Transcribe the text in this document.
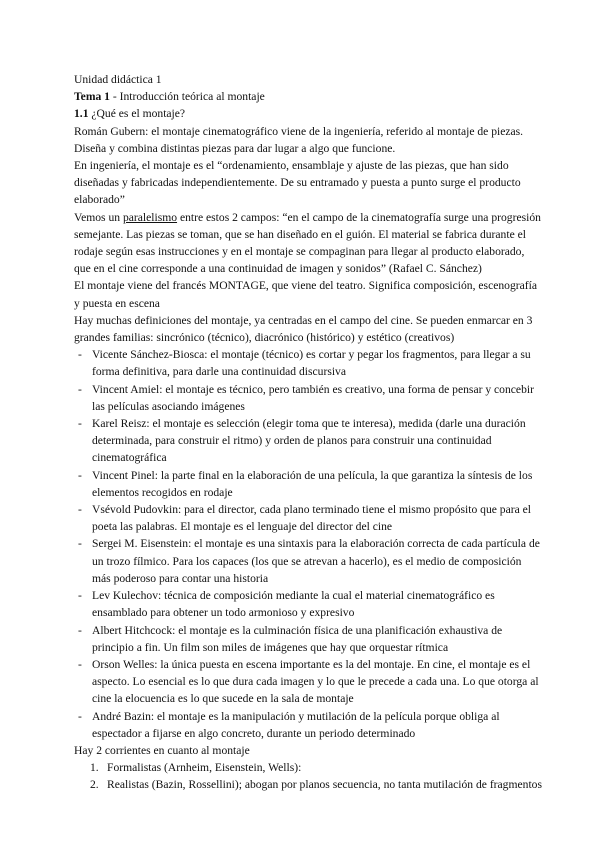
Unidad didáctica 1
Tema 1 - Introducción teórica al montaje
1.1 ¿Qué es el montaje?
Román Gubern: el montaje cinematográfico viene de la ingeniería, referido al montaje de piezas. Diseña y combina distintas piezas para dar lugar a algo que funcione.
En ingeniería, el montaje es el “ordenamiento, ensamblaje y ajuste de las piezas, que han sido diseñadas y fabricadas independientemente. De su entramado y puesta a punto surge el producto elaborado”
Vemos un paralelismo entre estos 2 campos: “en el campo de la cinematografía surge una progresión semejante. Las piezas se toman, que se han diseñado en el guión. El material se fabrica durante el rodaje según esas instrucciones y en el montaje se compaginan para llegar al producto elaborado, que en el cine corresponde a una continuidad de imagen y sonidos” (Rafael C. Sánchez)
El montaje viene del francés MONTAGE, que viene del teatro. Significa composición, escenografía y puesta en escena
Hay muchas definiciones del montaje, ya centradas en el campo del cine. Se pueden enmarcar en 3 grandes familias: sincrónico (técnico), diacrónico (histórico) y estético (creativos)
- Vicente Sánchez-Biosca: el montaje (técnico) es cortar y pegar los fragmentos, para llegar a su forma definitiva, para darle una continuidad discursiva
- Vincent Amiel: el montaje es técnico, pero también es creativo, una forma de pensar y concebir las películas asociando imágenes
- Karel Reisz: el montaje es selección (elegir toma que te interesa), medida (darle una duración determinada, para construir el ritmo) y orden de planos para construir una continuidad cinematográfica
- Vincent Pinel: la parte final en la elaboración de una película, la que garantiza la síntesis de los elementos recogidos en rodaje
- Vsévold Pudovkin: para el director, cada plano terminado tiene el mismo propósito que para el poeta las palabras. El montaje es el lenguaje del director del cine
- Sergei M. Eisenstein: el montaje es una sintaxis para la elaboración correcta de cada partícula de un trozo fílmico. Para los capaces (los que se atrevan a hacerlo), es el medio de composición más poderoso para contar una historia
- Lev Kulechov: técnica de composición mediante la cual el material cinematográfico es ensamblado para obtener un todo armonioso y expresivo
- Albert Hitchcock: el montaje es la culminación física de una planificación exhaustiva de principio a fin. Un film son miles de imágenes que hay que orquestar rítmica
- Orson Welles: la única puesta en escena importante es la del montaje. En cine, el montaje es el aspecto. Lo esencial es lo que dura cada imagen y lo que le precede a cada una. Lo que otorga al cine la elocuencia es lo que sucede en la sala de montaje
- André Bazin: el montaje es la manipulación y mutilación de la película porque obliga al espectador a fijarse en algo concreto, durante un periodo determinado
Hay 2 corrientes en cuanto al montaje
1. Formalistas (Arnheim, Eisenstein, Wells):
2. Realistas (Bazin, Rossellini); abogan por planos secuencia, no tanta mutilación de fragmentos
